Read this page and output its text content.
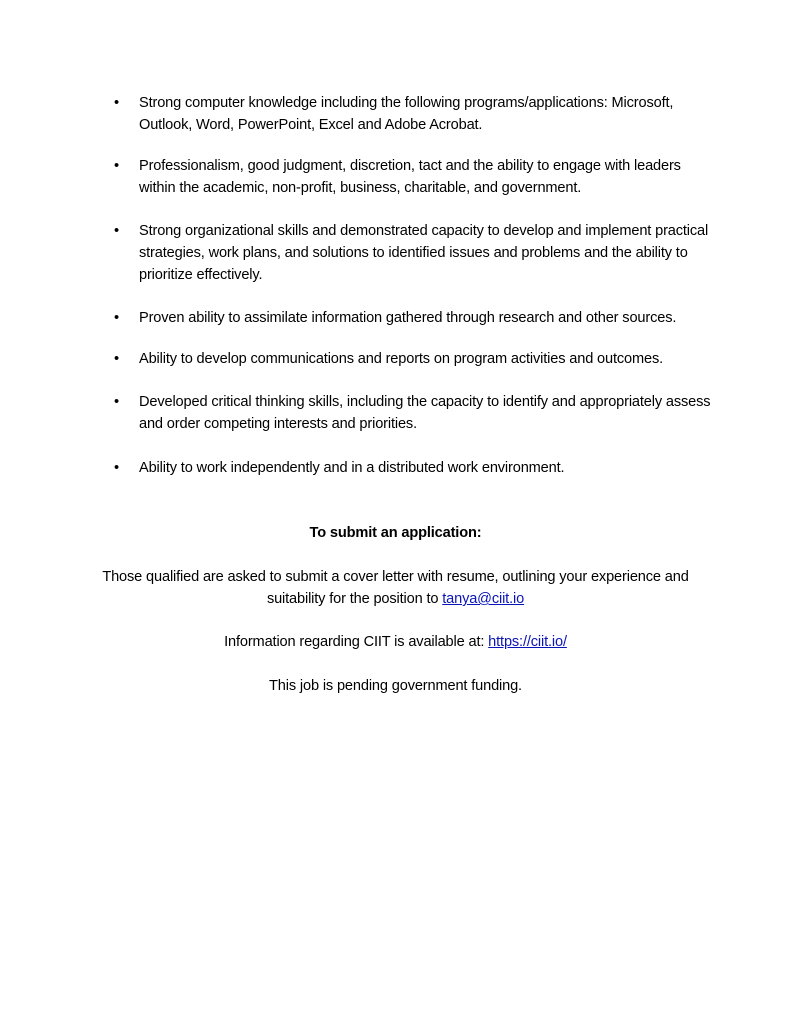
•	Strong computer knowledge including the following programs/applications: Microsoft, Outlook, Word, PowerPoint, Excel and Adobe Acrobat.
•	Professionalism, good judgment, discretion, tact and the ability to engage with leaders within the academic, non-profit, business, charitable, and government.
•	Strong organizational skills and demonstrated capacity to develop and implement practical strategies, work plans, and solutions to identified issues and problems and the ability to prioritize effectively.
•	Proven ability to assimilate information gathered through research and other sources.
•	Ability to develop communications and reports on program activities and outcomes.
•	Developed critical thinking skills, including the capacity to identify and appropriately assess and order competing interests and priorities.
•	Ability to work independently and in a distributed work environment.
To submit an application:
Those qualified are asked to submit a cover letter with resume, outlining your experience and
suitability for the position to tanya@ciit.io
Information regarding CIIT is available at: https://ciit.io/
This job is pending government funding.
